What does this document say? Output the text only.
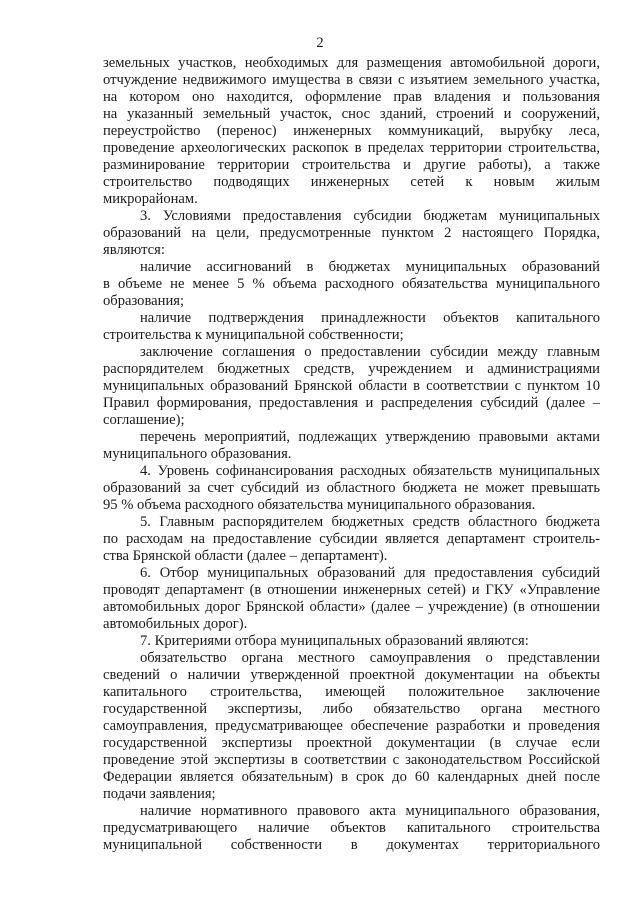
2
земельных участков, необходимых для размещения автомобильной дороги,
отчуждение недвижимого имущества в связи с изъятием земельного участка,
на котором оно находится, оформление прав владения и пользования
на указанный земельный участок, снос зданий, строений и сооружений,
переустройство (перенос) инженерных коммуникаций, вырубку леса,
проведение археологических раскопок в пределах территории строительства,
разминирование территории строительства и другие работы), а также
строительство подводящих инженерных сетей к новым жилым
микрорайонам.
3. Условиями предоставления субсидии бюджетам муниципальных
образований на цели, предусмотренные пунктом 2 настоящего Порядка,
являются:
наличие ассигнований в бюджетах муниципальных образований
в объеме не менее 5 % объема расходного обязательства муниципального
образования;
наличие подтверждения принадлежности объектов капитального
строительства к муниципальной собственности;
заключение соглашения о предоставлении субсидии между главным
распорядителем бюджетных средств, учреждением и администрациями
муниципальных образований Брянской области в соответствии с пунктом 10
Правил формирования, предоставления и распределения субсидий (далее –
соглашение);
перечень мероприятий, подлежащих утверждению правовыми актами
муниципального образования.
4. Уровень софинансирования расходных обязательств муниципальных
образований за счет субсидий из областного бюджета не может превышать
95 % объема расходного обязательства муниципального образования.
5. Главным распорядителем бюджетных средств областного бюджета
по расходам на предоставление субсидии является департамент строитель-
ства Брянской области (далее – департамент).
6. Отбор муниципальных образований для предоставления субсидий
проводят департамент (в отношении инженерных сетей) и ГКУ «Управление
автомобильных дорог Брянской области» (далее – учреждение) (в отношении
автомобильных дорог).
7. Критериями отбора муниципальных образований являются:
обязательство органа местного самоуправления о представлении
сведений о наличии утвержденной проектной документации на объекты
капитального строительства, имеющей положительное заключение
государственной экспертизы, либо обязательство органа местного
самоуправления, предусматривающее обеспечение разработки и проведения
государственной экспертизы проектной документации (в случае если
проведение этой экспертизы в соответствии с законодательством Российской
Федерации является обязательным) в срок до 60 календарных дней после
подачи заявления;
наличие нормативного правового акта муниципального образования,
предусматривающего наличие объектов капитального строительства
муниципальной собственности в документах территориального
